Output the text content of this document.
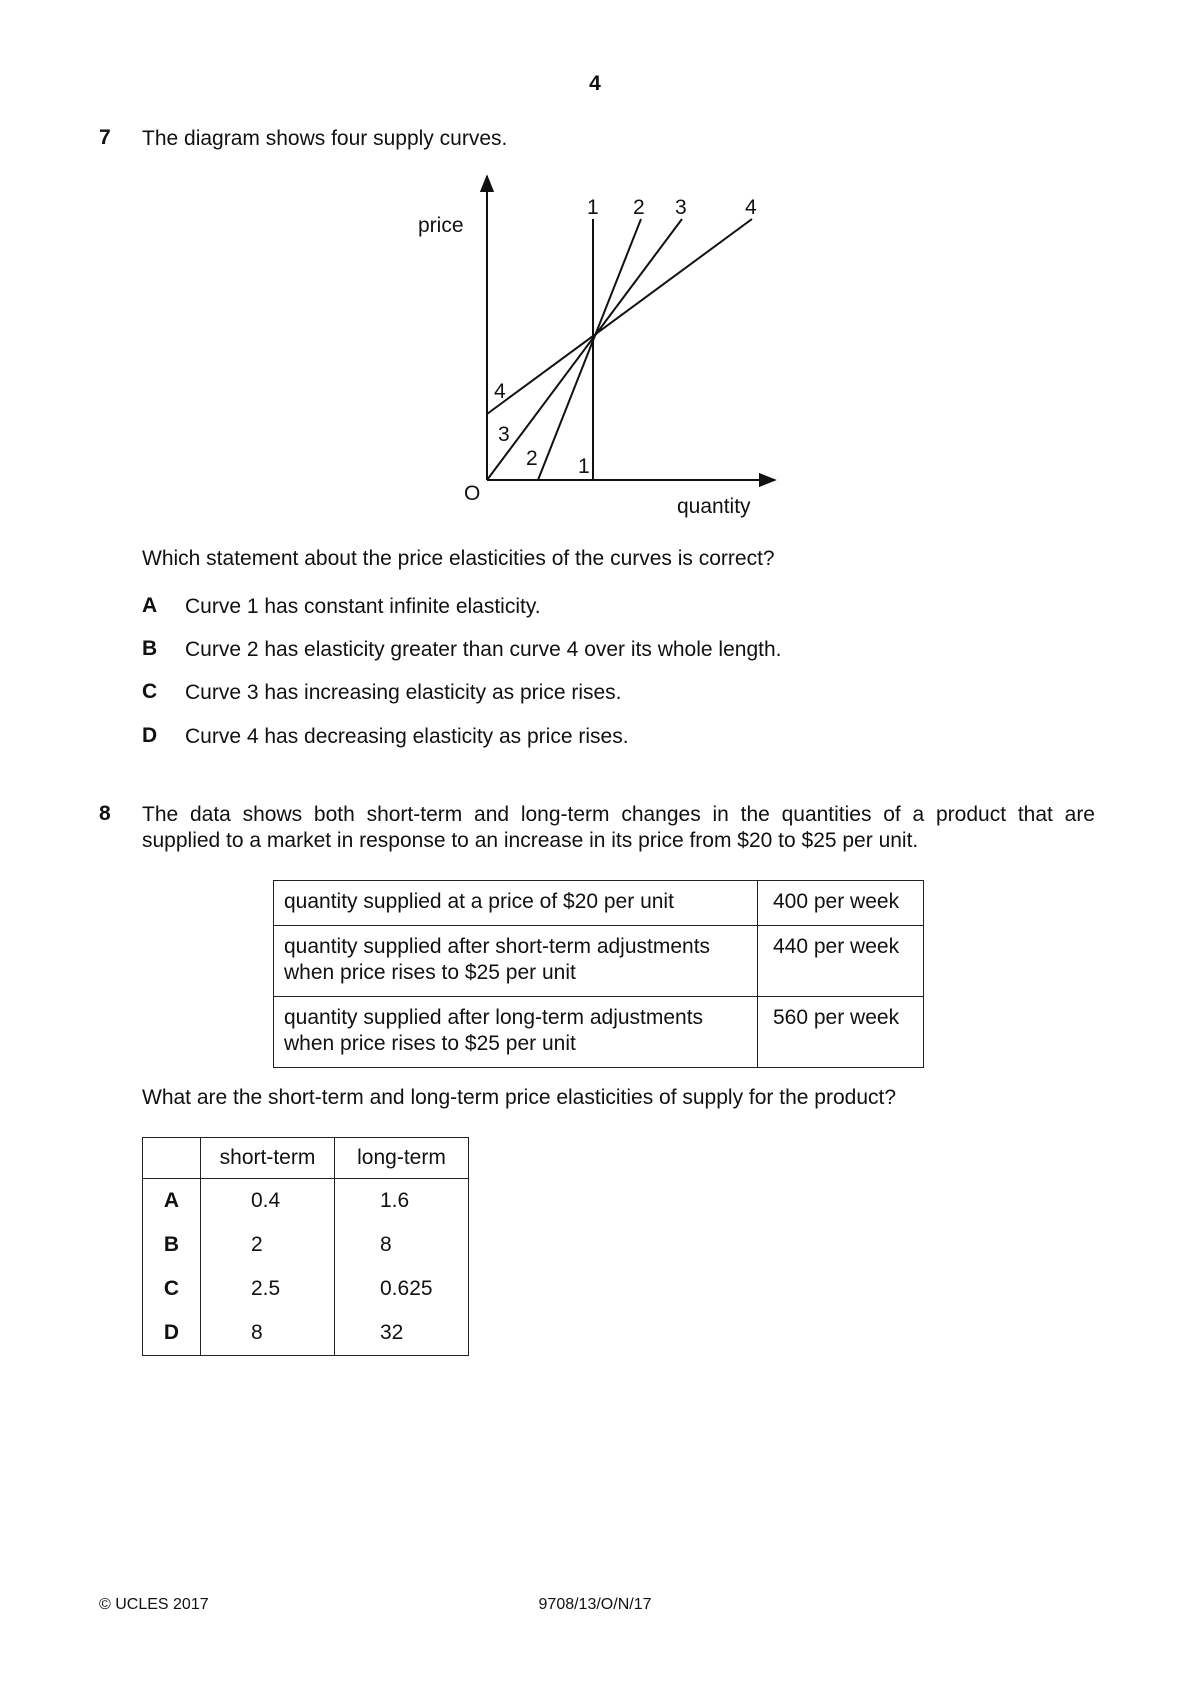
4
7 The diagram shows four supply curves.
price
quantity
O
1 2 3	4
4
3
2 1
Which statement about the price elasticities of the curves is correct?
A Curve 1 has constant infinite elasticity.
B Curve 2 has elasticity greater than curve 4 over its whole length.
C Curve 3 has increasing elasticity as price rises.
D Curve 4 has decreasing elasticity as price rises.
8 The data shows both short-term and long-term changes in the quantities of a product that are
supplied to a market in response to an increase in its price from $20 to $25 per unit.
quantity supplied at a price of $20 per unit	400 per week
quantity supplied after short-term adjustments
when price rises to $25 per unit	440 per week
quantity supplied after long-term adjustments
when price rises to $25 per unit	560 per week
What are the short-term and long-term price elasticities of supply for the product?
	short-term	long-term
A	0.4	1.6
B	2	8
C	2.5	0.625
D	8	32
© UCLES 2017	9708/13/O/N/17
